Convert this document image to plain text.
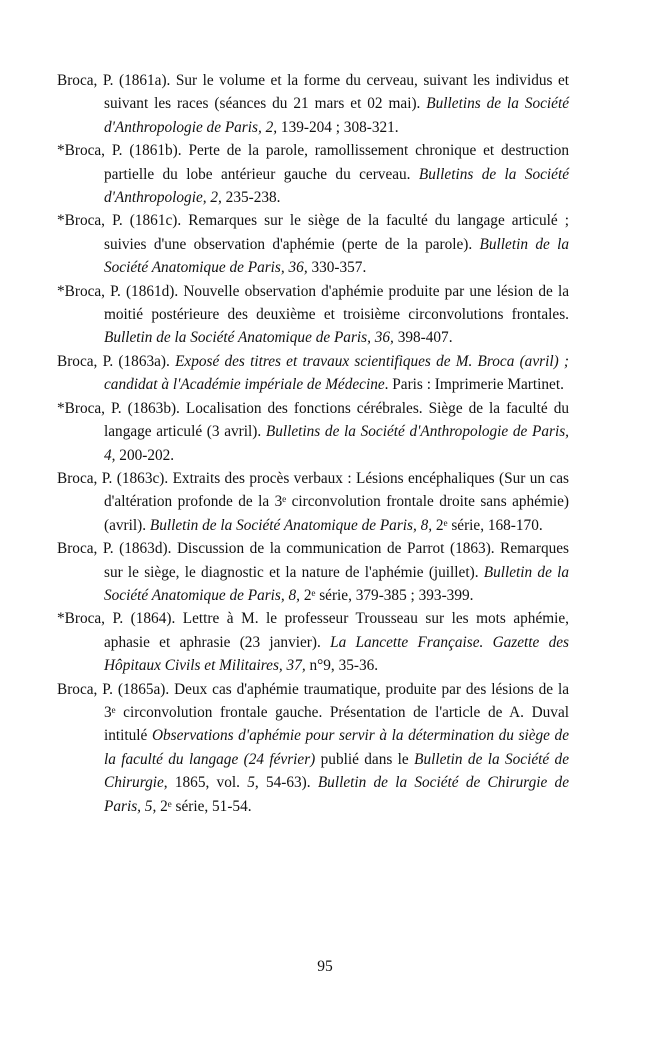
Broca, P. (1861a). Sur le volume et la forme du cerveau, suivant les individus et suivant les races (séances du 21 mars et 02 mai). Bulletins de la Société d'Anthropologie de Paris, 2, 139-204 ; 308-321.

*Broca, P. (1861b). Perte de la parole, ramollissement chronique et destruction partielle du lobe antérieur gauche du cerveau. Bulletins de la Société d'Anthropologie, 2, 235-238.

*Broca, P. (1861c). Remarques sur le siège de la faculté du langage articulé ; suivies d'une observation d'aphémie (perte de la parole). Bulletin de la Société Anatomique de Paris, 36, 330-357.

*Broca, P. (1861d). Nouvelle observation d'aphémie produite par une lésion de la moitié postérieure des deuxième et troisième circonvolutions frontales. Bulletin de la Société Anatomique de Paris, 36, 398-407.

Broca, P. (1863a). Exposé des titres et travaux scientifiques de M. Broca (avril) ; candidat à l'Académie impériale de Médecine. Paris : Imprimerie Martinet.

*Broca, P. (1863b). Localisation des fonctions cérébrales. Siège de la faculté du langage articulé (3 avril). Bulletins de la Société d'Anthropologie de Paris, 4, 200-202.

Broca, P. (1863c). Extraits des procès verbaux : Lésions encéphaliques (Sur un cas d'altération profonde de la 3ᵉ circonvolution frontale droite sans aphémie) (avril). Bulletin de la Société Anatomique de Paris, 8, 2ᵉ série, 168-170.

Broca, P. (1863d). Discussion de la communication de Parrot (1863). Remarques sur le siège, le diagnostic et la nature de l'aphémie (juillet). Bulletin de la Société Anatomique de Paris, 8, 2ᵉ série, 379-385 ; 393-399.

*Broca, P. (1864). Lettre à M. le professeur Trousseau sur les mots aphémie, aphasie et aphrasie (23 janvier). La Lancette Française. Gazette des Hôpitaux Civils et Militaires, 37, n°9, 35-36.

Broca, P. (1865a). Deux cas d'aphémie traumatique, produite par des lésions de la 3ᵉ circonvolution frontale gauche. Présentation de l'article de A. Duval intitulé Observations d'aphémie pour servir à la détermination du siège de la faculté du langage (24 février) publié dans le Bulletin de la Société de Chirurgie, 1865, vol. 5, 54-63). Bulletin de la Société de Chirurgie de Paris, 5, 2ᵉ série, 51-54.

95
